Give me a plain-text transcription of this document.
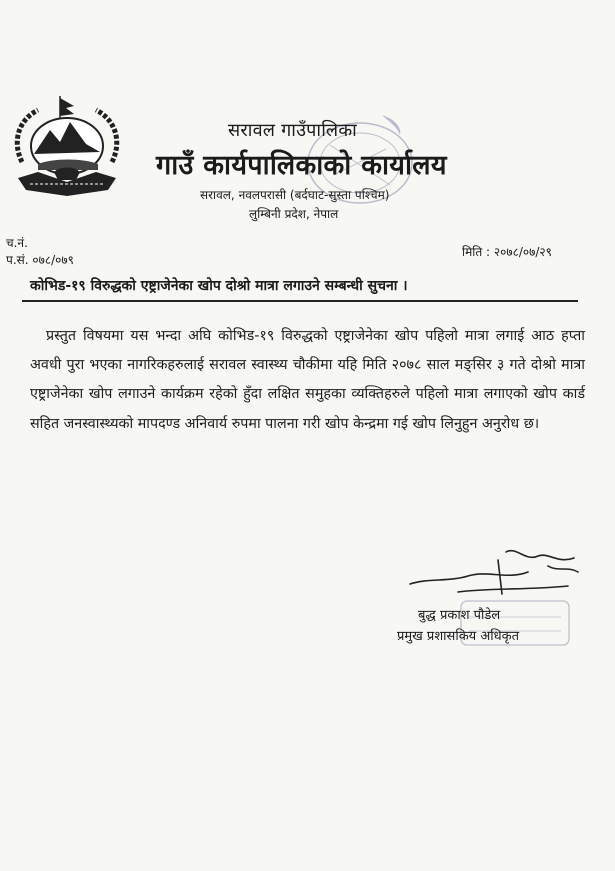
सरावल गाउँपालिका
गाउँ कार्यपालिकाको कार्यालय
सरावल, नवलपरासी (बर्दघाट-सुस्ता पश्चिम)
लुम्बिनी प्रदेश, नेपाल
च.नं.
प.सं. ०७८/०७९
मिति : २०७८/०७/२९
कोभिड-१९ विरुद्धको एष्ट्राजेनेका खोप दोश्रो मात्रा लगाउने सम्बन्धी सुचना ।
प्रस्तुत विषयमा यस भन्दा अघि कोभिड-१९ विरुद्धको एष्ट्राजेनेका खोप पहिलो मात्रा लगाई आठ हप्ता अवधी पुरा भएका नागरिकहरुलाई सरावल स्वास्थ्य चौकीमा यहि मिति २०७८ साल मङ्सिर ३ गते दोश्रो मात्रा एष्ट्राजेनेका खोप लगाउने कार्यक्रम रहेको हुँदा लक्षित समुहका व्यक्तिहरुले पहिलो मात्रा लगाएको खोप कार्ड सहित जनस्वास्थ्यको मापदण्ड अनिवार्य रुपमा पालना गरी खोप केन्द्रमा गई खोप लिनुहुन अनुरोध छ।
बुद्ध प्रकाश पौडेल
प्रमुख प्रशासकिय अधिकृत
